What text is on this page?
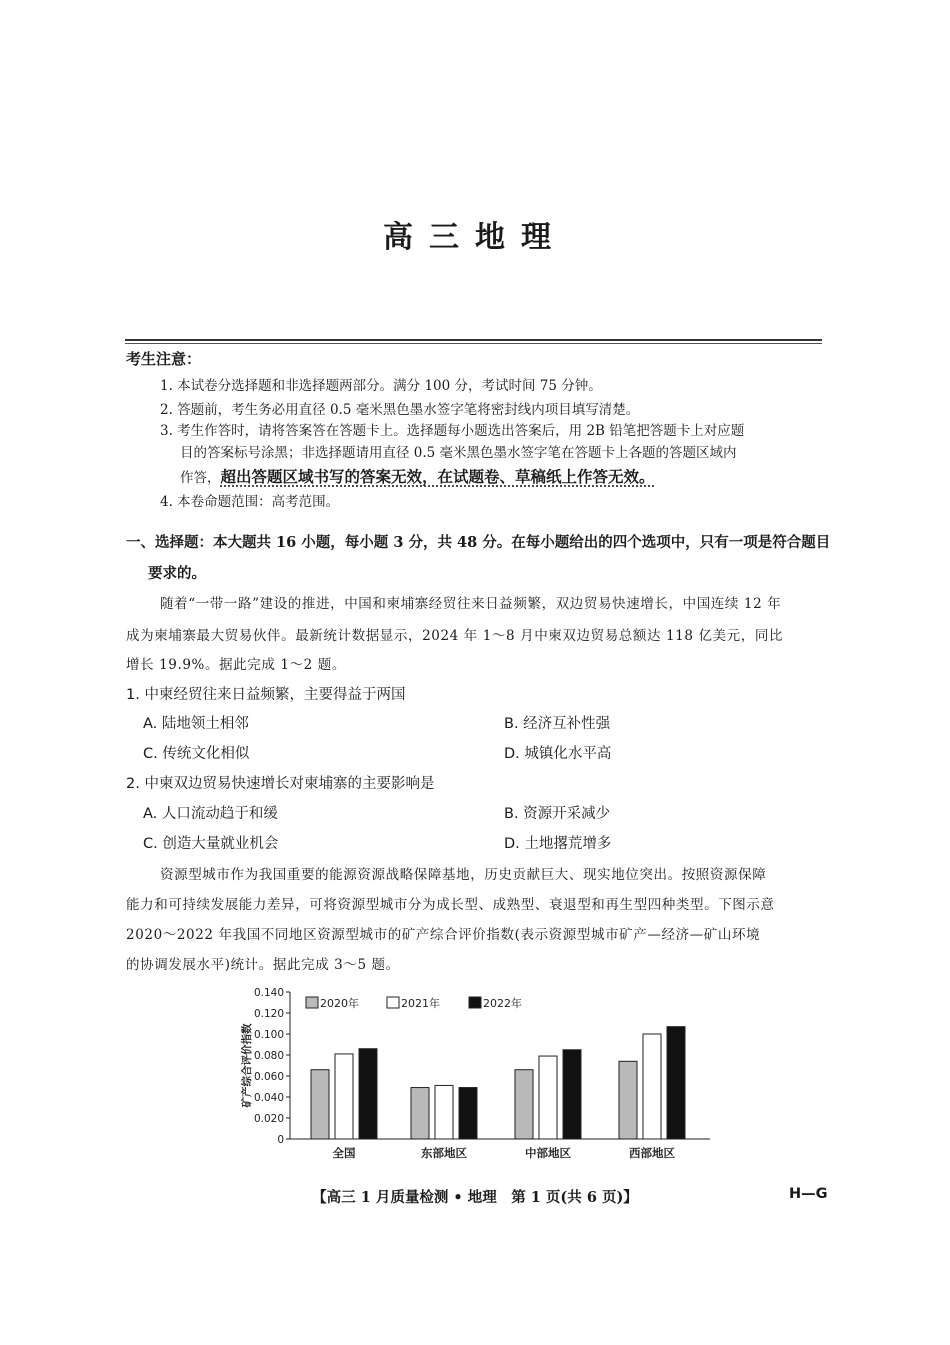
高三地理
考生注意：
1. 本试卷分选择题和非选择题两部分。满分 100 分，考试时间 75 分钟。
2. 答题前，考生务必用直径 0.5 毫米黑色墨水签字笔将密封线内项目填写清楚。
3. 考生作答时，请将答案答在答题卡上。选择题每小题选出答案后，用 2B 铅笔把答题卡上对应题
目的答案标号涂黑；非选择题请用直径 0.5 毫米黑色墨水签字笔在答题卡上各题的答题区域内
作答，超出答题区域书写的答案无效，在试题卷、草稿纸上作答无效。
4. 本卷命题范围：高考范围。
一、选择题：本大题共 16 小题，每小题 3 分，共 48 分。在每小题给出的四个选项中，只有一项是符合题目
要求的。
随着“一带一路”建设的推进，中国和柬埔寨经贸往来日益频繁，双边贸易快速增长，中国连续 12 年
成为柬埔寨最大贸易伙伴。最新统计数据显示，2024 年 1～8 月中柬双边贸易总额达 118 亿美元，同比
增长 19.9%。据此完成 1～2 题。
1. 中柬经贸往来日益频繁，主要得益于两国
A. 陆地领土相邻	B. 经济互补性强
C. 传统文化相似	D. 城镇化水平高
2. 中柬双边贸易快速增长对柬埔寨的主要影响是
A. 人口流动趋于和缓	B. 资源开采减少
C. 创造大量就业机会	D. 土地撂荒增多
资源型城市作为我国重要的能源资源战略保障基地，历史贡献巨大、现实地位突出。按照资源保障
能力和可持续发展能力差异，可将资源型城市分为成长型、成熟型、衰退型和再生型四种类型。下图示意
2020～2022 年我国不同地区资源型城市的矿产综合评价指数(表示资源型城市矿产—经济—矿山环境
的协调发展水平)统计。据此完成 3～5 题。
0.140
0.120
0.100
0.080
0.060
0.040
0.020
0
矿产综合评价指数
全国	东部地区	中部地区	西部地区
2020年	2021年	2022年
【高三 1 月质量检测 • 地理　第 1 页(共 6 页)】	H—G
